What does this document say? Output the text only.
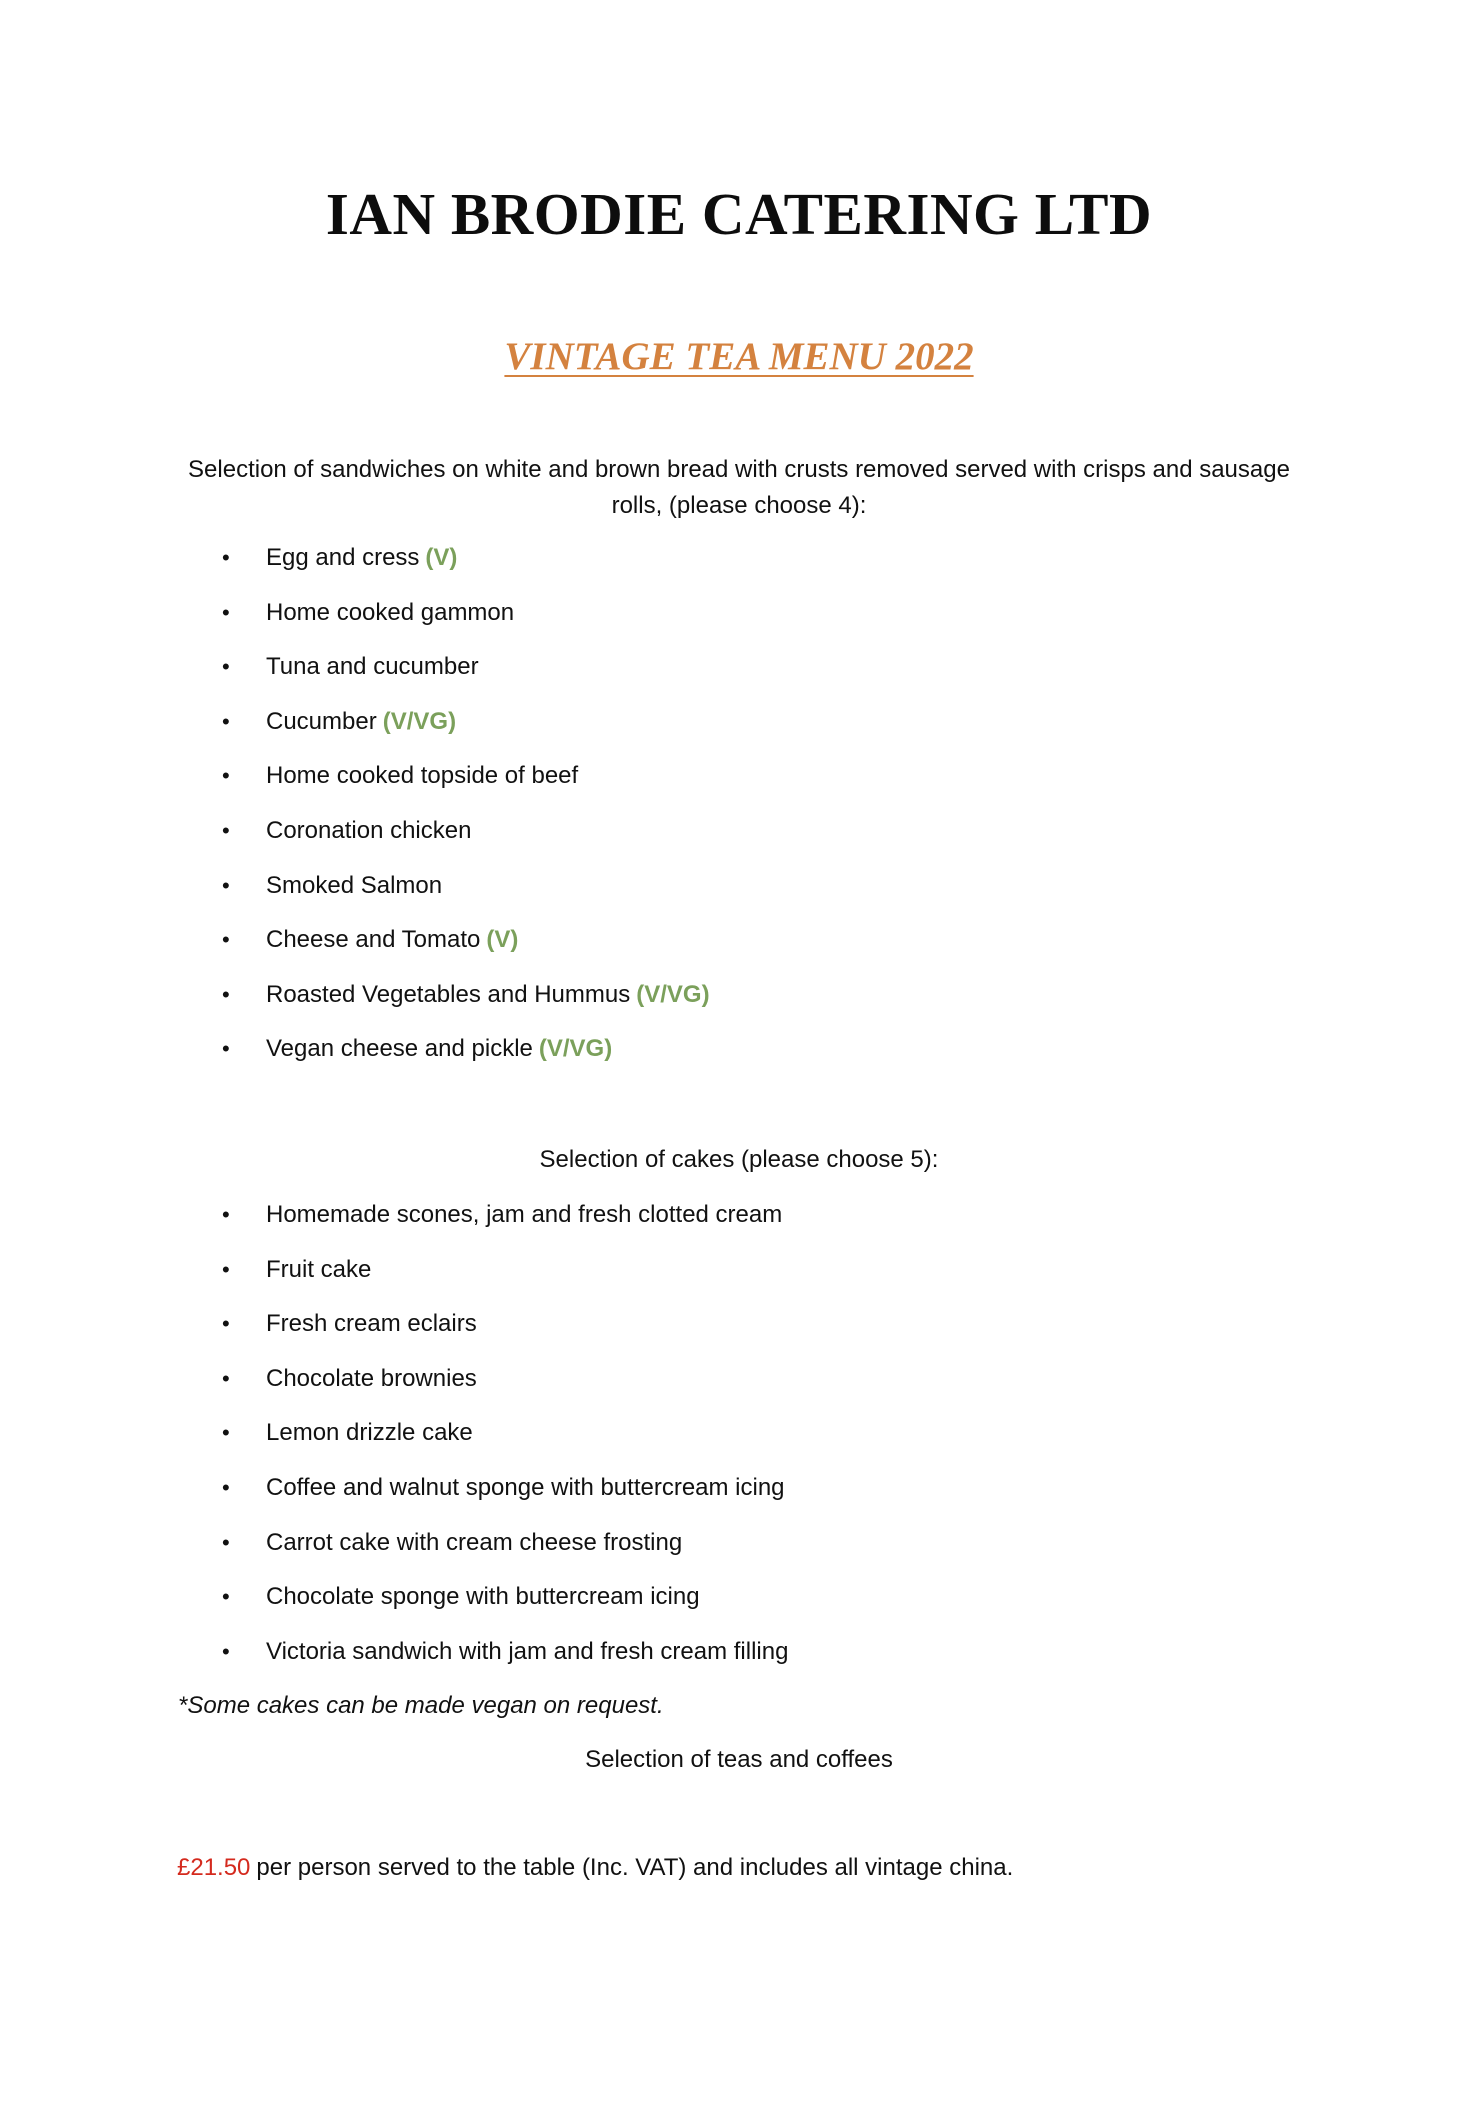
IAN BRODIE CATERING LTD
VINTAGE TEA MENU 2022

Selection of sandwiches on white and brown bread with crusts removed served with crisps and sausage rolls, (please choose 4):

• Egg and cress (V)
• Home cooked gammon
• Tuna and cucumber
• Cucumber (V/VG)
• Home cooked topside of beef
• Coronation chicken
• Smoked Salmon
• Cheese and Tomato (V)
• Roasted Vegetables and Hummus (V/VG)
• Vegan cheese and pickle (V/VG)

Selection of cakes (please choose 5):

• Homemade scones, jam and fresh clotted cream
• Fruit cake
• Fresh cream eclairs
• Chocolate brownies
• Lemon drizzle cake
• Coffee and walnut sponge with buttercream icing
• Carrot cake with cream cheese frosting
• Chocolate sponge with buttercream icing
• Victoria sandwich with jam and fresh cream filling

*Some cakes can be made vegan on request.

Selection of teas and coffees

£21.50 per person served to the table (Inc. VAT) and includes all vintage china.
